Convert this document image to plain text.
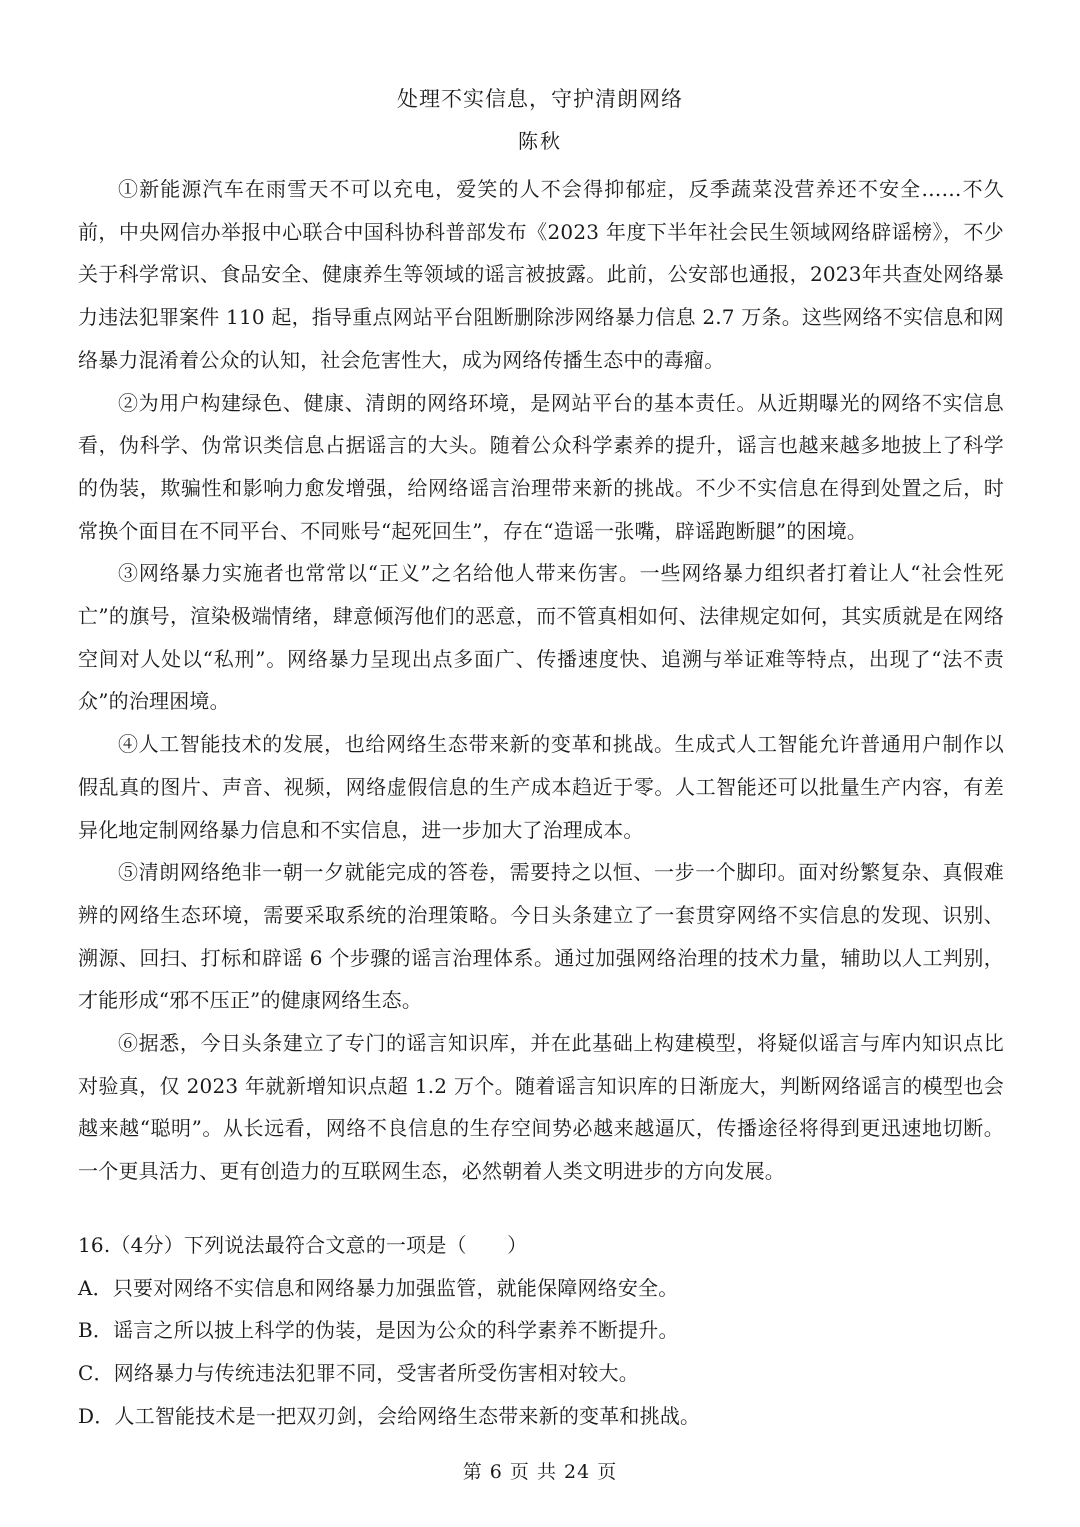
处理不实信息，守护清朗网络
陈秋

①新能源汽车在雨雪天不可以充电，爱笑的人不会得抑郁症，反季蔬菜没营养还不安全……不久前，中央网信办举报中心联合中国科协科普部发布《2023 年度下半年社会民生领域网络辟谣榜》，不少关于科学常识、食品安全、健康养生等领域的谣言被披露。此前，公安部也通报，2023年共查处网络暴力违法犯罪案件 110 起，指导重点网站平台阻断删除涉网络暴力信息 2.7 万条。这些网络不实信息和网络暴力混淆着公众的认知，社会危害性大，成为网络传播生态中的毒瘤。

②为用户构建绿色、健康、清朗的网络环境，是网站平台的基本责任。从近期曝光的网络不实信息看，伪科学、伪常识类信息占据谣言的大头。随着公众科学素养的提升，谣言也越来越多地披上了科学的伪装，欺骗性和影响力愈发增强，给网络谣言治理带来新的挑战。不少不实信息在得到处置之后，时常换个面目在不同平台、不同账号“起死回生”，存在“造谣一张嘴，辟谣跑断腿”的困境。

③网络暴力实施者也常常以“正义”之名给他人带来伤害。一些网络暴力组织者打着让人“社会性死亡”的旗号，渲染极端情绪，肆意倾泻他们的恶意，而不管真相如何、法律规定如何，其实质就是在网络空间对人处以“私刑”。网络暴力呈现出点多面广、传播速度快、追溯与举证难等特点，出现了“法不责众”的治理困境。

④人工智能技术的发展，也给网络生态带来新的变革和挑战。生成式人工智能允许普通用户制作以假乱真的图片、声音、视频，网络虚假信息的生产成本趋近于零。人工智能还可以批量生产内容，有差异化地定制网络暴力信息和不实信息，进一步加大了治理成本。

⑤清朗网络绝非一朝一夕就能完成的答卷，需要持之以恒、一步一个脚印。面对纷繁复杂、真假难辨的网络生态环境，需要采取系统的治理策略。今日头条建立了一套贯穿网络不实信息的发现、识别、溯源、回扫、打标和辟谣 6 个步骤的谣言治理体系。通过加强网络治理的技术力量，辅助以人工判别，才能形成“邪不压正”的健康网络生态。

⑥据悉，今日头条建立了专门的谣言知识库，并在此基础上构建模型，将疑似谣言与库内知识点比对验真，仅 2023 年就新增知识点超 1.2 万个。随着谣言知识库的日渐庞大，判断网络谣言的模型也会越来越“聪明”。从长远看，网络不良信息的生存空间势必越来越逼仄，传播途径将得到更迅速地切断。一个更具活力、更有创造力的互联网生态，必然朝着人类文明进步的方向发展。

16.（4分）下列说法最符合文意的一项是（　　）

A．只要对网络不实信息和网络暴力加强监管，就能保障网络安全。

B．谣言之所以披上科学的伪装，是因为公众的科学素养不断提升。

C．网络暴力与传统违法犯罪不同，受害者所受伤害相对较大。

D．人工智能技术是一把双刃剑，会给网络生态带来新的变革和挑战。

第 6 页 共 24 页
